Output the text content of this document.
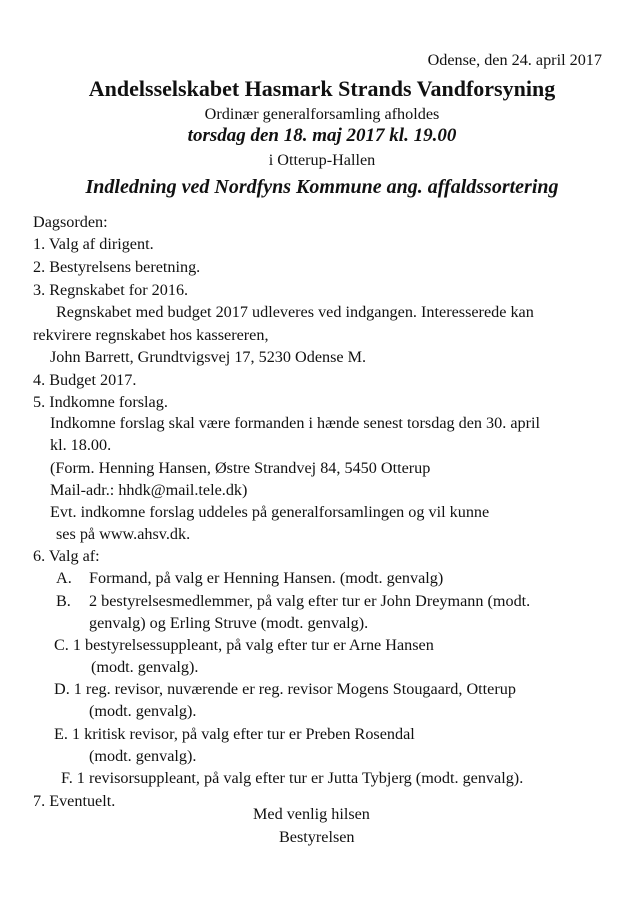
Odense, den 24. april 2017
Andelsselskabet Hasmark Strands Vandforsyning
Ordinær generalforsamling afholdes
torsdag den 18. maj 2017 kl. 19.00
i Otterup-Hallen
Indledning ved Nordfyns Kommune ang. affaldssortering
Dagsorden:
1. Valg af dirigent.
2. Bestyrelsens beretning.
3. Regnskabet for 2016.
Regnskabet med budget 2017 udleveres ved indgangen. Interesserede kan
rekvirere regnskabet hos kassereren,
John Barrett, Grundtvigsvej 17, 5230 Odense M.
4. Budget 2017.
5. Indkomne forslag.
Indkomne forslag skal være formanden i hænde senest torsdag den 30. april
kl. 18.00.
(Form. Henning Hansen, Østre Strandvej 84, 5450 Otterup
Mail-adr.: hhdk@mail.tele.dk)
Evt. indkomne forslag uddeles på generalforsamlingen og vil kunne
ses på www.ahsv.dk.
6. Valg af:
A. Formand, på valg er Henning Hansen. (modt. genvalg)
B. 2 bestyrelsesmedlemmer, på valg efter tur er John Dreymann (modt.
genvalg) og Erling Struve (modt. genvalg).
C. 1 bestyrelsessuppleant, på valg efter tur er Arne Hansen
(modt. genvalg).
D. 1 reg. revisor, nuværende er reg. revisor Mogens Stougaard, Otterup
(modt. genvalg).
E. 1 kritisk revisor, på valg efter tur er Preben Rosendal
(modt. genvalg).
F. 1 revisorsuppleant, på valg efter tur er Jutta Tybjerg (modt. genvalg).
7. Eventuelt.
Med venlig hilsen
Bestyrelsen
